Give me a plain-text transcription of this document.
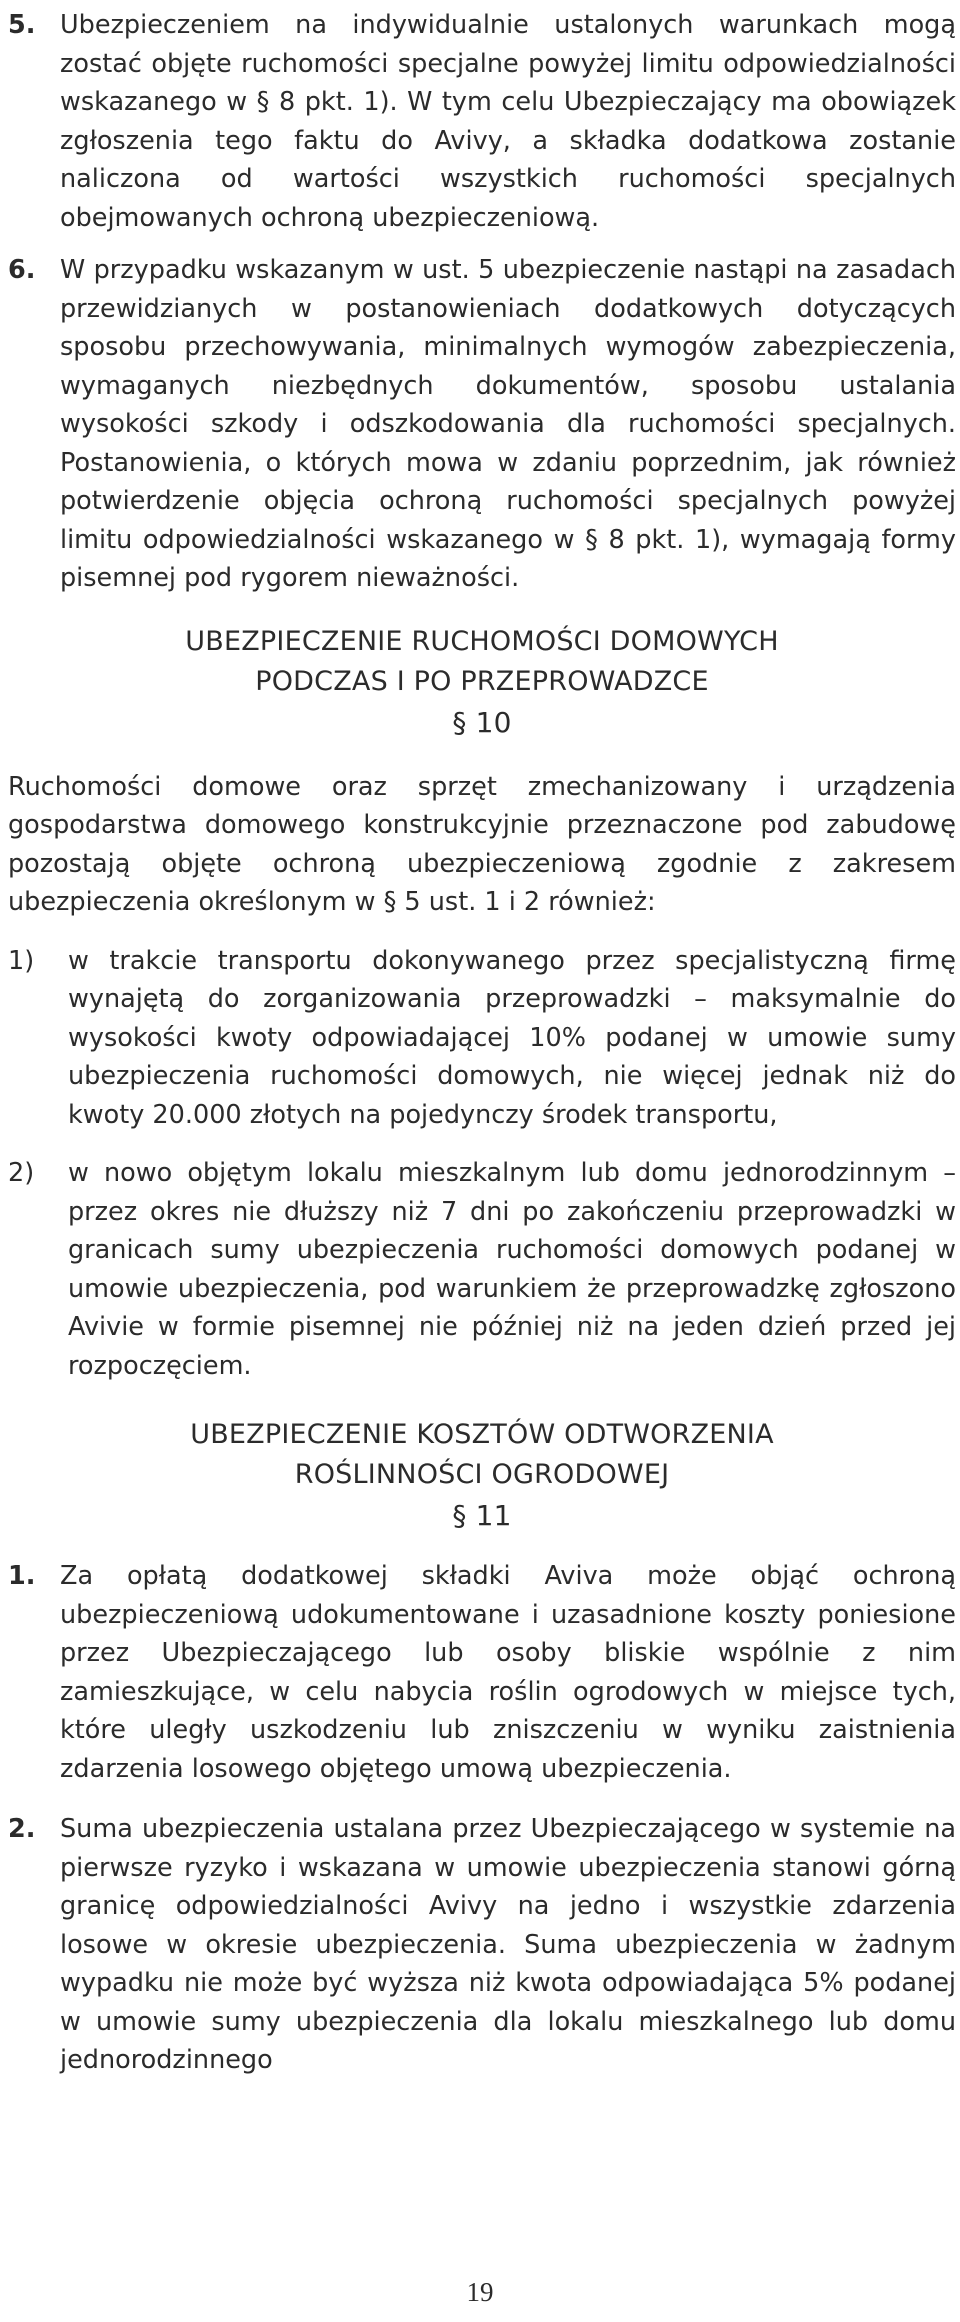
5. Ubezpieczeniem na indywidualnie ustalonych warunkach mogą zostać objęte ruchomości specjalne powyżej limitu odpowiedzialności wskazanego w § 8 pkt. 1). W tym celu Ubezpieczający ma obowiązek zgłoszenia tego faktu do Avivy, a składka dodatkowa zostanie naliczona od wartości wszystkich ruchomości specjalnych obejmowanych ochroną ubezpieczeniową.

6. W przypadku wskazanym w ust. 5 ubezpieczenie nastąpi na zasadach przewidzianych w postanowieniach dodatkowych dotyczących sposobu przechowywania, minimalnych wymogów zabezpieczenia, wymaganych niezbędnych dokumentów, sposobu ustalania wysokości szkody i odszkodowania dla ruchomości specjalnych. Postanowienia, o których mowa w zdaniu poprzednim, jak również potwierdzenie objęcia ochroną ruchomości specjalnych powyżej limitu odpowiedzialności wskazanego w § 8 pkt. 1), wymagają formy pisemnej pod rygorem nieważności.

UBEZPIECZENIE RUCHOMOŚCI DOMOWYCH
PODCZAS I PO PRZEPROWADZCE
§ 10

Ruchomości domowe oraz sprzęt zmechanizowany i urządzenia gospodarstwa domowego konstrukcyjnie przeznaczone pod zabudowę pozostają objęte ochroną ubezpieczeniową zgodnie z zakresem ubezpieczenia określonym w § 5 ust. 1 i 2 również:

1)	w trakcie transportu dokonywanego przez specjalistyczną firmę wynajętą do zorganizowania przeprowadzki – maksymalnie do wysokości kwoty odpowiadającej 10% podanej w umowie sumy ubezpieczenia ruchomości domowych, nie więcej jednak niż do kwoty 20.000 złotych na pojedynczy środek transportu,

2)	w nowo objętym lokalu mieszkalnym lub domu jednorodzinnym – przez okres nie dłuższy niż 7 dni po zakończeniu przeprowadzki w granicach sumy ubezpieczenia ruchomości domowych podanej w umowie ubezpieczenia, pod warunkiem że przeprowadzkę zgłoszono Avivie w formie pisemnej nie później niż na jeden dzień przed jej rozpoczęciem.

UBEZPIECZENIE KOSZTÓW ODTWORZENIA
ROŚLINNOŚCI OGRODOWEJ
§ 11
1. Za opłatą dodatkowej składki Aviva może objąć ochroną ubezpieczeniową udokumentowane i uzasadnione koszty poniesione przez Ubezpieczającego lub osoby bliskie wspólnie z nim zamieszkujące, w celu nabycia roślin ogrodowych w miejsce tych, które uległy uszkodzeniu lub zniszczeniu w wyniku zaistnienia zdarzenia losowego objętego umową ubezpieczenia.

2. Suma ubezpieczenia ustalana przez Ubezpieczającego w systemie na pierwsze ryzyko i wskazana w umowie ubezpieczenia stanowi górną granicę odpowiedzialności Avivy na jedno i wszystkie zdarzenia losowe w okresie ubezpieczenia. Suma ubezpieczenia w żadnym wypadku nie może być wyższa niż kwota odpowiadająca 5% podanej w umowie sumy ubezpieczenia dla lokalu mieszkalnego lub domu jednorodzinnego

19
